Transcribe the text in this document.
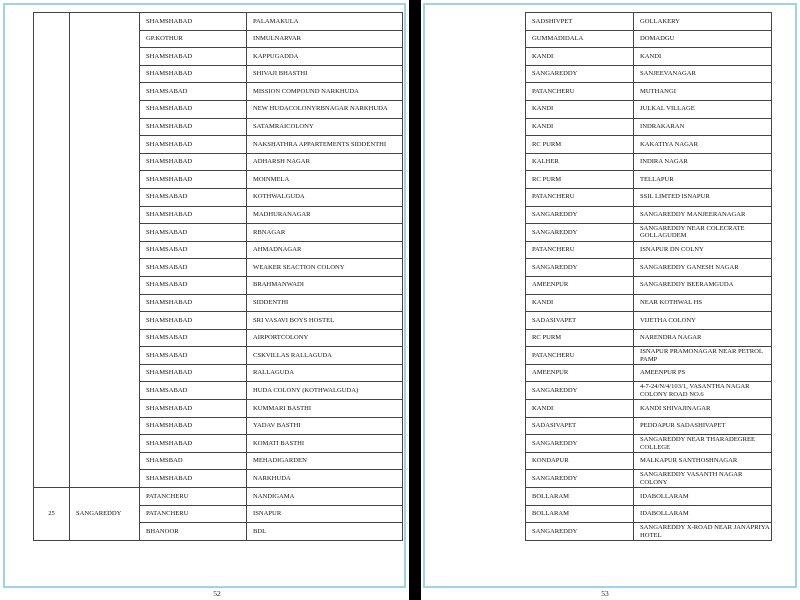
		SHAMSHABAD	PALAMAKULA
		GP.KOTHUR	INMULNARVAR
		SHAMSHABAD	KAPPUGADDA
		SHAMSHABAD	SHIVAJI BHASTHI
		SHAMSABAD	MISSION COMPOUND NARKHUDA
		SHAMSHABAD	NEW HUDACOLONYRBNAGAR NARKHUDA
		SHAMSHABAD	SATAMRAICOLONY
		SHAMSHABAD	NAKSHATHRA APPARTEMENTS SIDDENTHI
		SHAMSHABAD	ADHARSH NAGAR
		SHAMSHABAD	MOINMELA
		SHAMSABAD	KOTHWALGUDA
		SHAMSHABAD	MADHURANAGAR
		SHAMSABAD	RBNAGAR
		SHAMSABAD	AHMADNAGAR
		SHAMSABAD	WEAKER SEACTION COLONY
		SHAMSABAD	BRAHMANWADI
		SHAMSHABAD	SIDDENTHI
		SHAMSHABAD	SRI VASAVI BOYS HOSTEL
		SHAMSABAD	AIRPORTCOLONY
		SHAMSABAD	CSKVILLAS RALLAGUDA
		SHAMSHABAD	RALLAGUDA
		SHAMSABAD	HUDA COLONY (KOTHWALGUDA)
		SHAMSHABAD	KUMMARI BASTHI
		SHAMSHABAD	YADAV BASTHI
		SHAMSHABAD	KOMATI BASTHI
		SHAMSBAD	MEHADIGARDEN
		SHAMSHABAD	NARKHUDA
25	SANGAREDDY	PATANCHERU	NANDIGAMA
		PATANCHERU	ISNAPUR
		BHANOOR	BDL
52
SADSHIVPET	GOLLAKERY
GUMMADIDALA	DOMADGU
KANDI	KANDI
SANGAREDDY	SANJEEVANAGAR
PATANCHERU	MUTHANGI
KANDI	JULKAL VILLAGE
KANDI	INDRAKARAN
RC PURM	KAKATIYA NAGAR
KALHER	INDIRA NAGAR
RC PURM	TELLAPUR
PATANCHERU	SSIL LIMTED ISNAPUR
SANGAREDDY	SANGAREDDY MANJEERANAGAR
SANGAREDDY	SANGAREDDY NEAR COLECRATE GOLLAGUDEM
PATANCHERU	ISNAPUR DN COLNY
SANGAREDDY	SANGAREDDY GANESH NAGAR
AMEENPUR	SANGAREDDY BEERAMGUDA
KANDI	NEAR KOTHWAL HS
SADASIVAPET	VIJETHA COLONY
RC PURM	NARENDRA NAGAR
PATANCHERU	ISNAPUR PRAMONAGAR NEAR PETROL PAMP
AMEENPUR	AMEENPUR PS
SANGAREDDY	4-7-24/N/4/103/1, VASANTHA NAGAR COLONY ROAD NO.6
KANDI	KANDI SHIVAJINAGAR
SADASIVAPET	PEDDAPUR SADASHIVAPET
SANGAREDDY	SANGAREDDY NEAR THARADEGREE COLLEGE
KONDAPUR	MALKAPUR SANTHOSHNAGAR
SANGAREDDY	SANGAREDDY VASANTH NAGAR COLONY
BOLLARAM	IDABOLLARAM
BOLLARAM	IDABOLLARAM
SANGAREDDY	SANGAREDDY X-ROAD NEAR JANAPRIYA HOTEL
53
